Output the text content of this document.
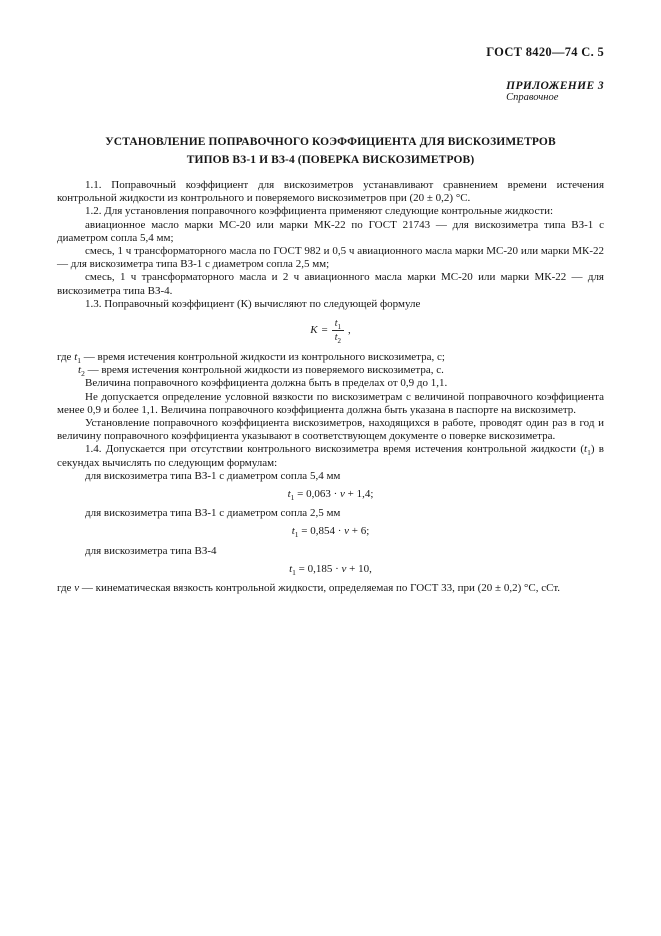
ГОСТ 8420—74 С. 5
ПРИЛОЖЕНИЕ 3
Справочное
УСТАНОВЛЕНИЕ ПОПРАВОЧНОГО КОЭФФИЦИЕНТА ДЛЯ ВИСКОЗИМЕТРОВ
ТИПОВ ВЗ-1 И ВЗ-4 (ПОВЕРКА ВИСКОЗИМЕТРОВ)

1.1. Поправочный коэффициент для вискозиметров устанавливают сравнением времени истечения контрольной жидкости из контрольного и поверяемого вискозиметров при (20 ± 0,2) °С.

1.2. Для установления поправочного коэффициента применяют следующие контрольные жидкости:

авиационное масло марки МС-20 или марки МК-22 по ГОСТ 21743 — для вискозиметра типа ВЗ-1 с диаметром сопла 5,4 мм;

смесь, 1 ч трансформаторного масла по ГОСТ 982 и 0,5 ч авиационного масла марки МС-20 или марки МК-22 — для вискозиметра типа ВЗ-1 с диаметром сопла 2,5 мм;

смесь, 1 ч трансформаторного масла и 2 ч авиационного масла марки МС-20 или марки МК-22 — для вискозиметра типа ВЗ-4.

1.3. Поправочный коэффициент (К) вычисляют по следующей формуле

$K = \frac{t_1}{t_2}$ ,

где $t_1$ — время истечения контрольной жидкости из контрольного вискозиметра, с;

$t_2$ — время истечения контрольной жидкости из поверяемого вискозиметра, с.

Величина поправочного коэффициента должна быть в пределах от 0,9 до 1,1.

Не допускается определение условной вязкости по вискозиметрам с величиной поправочного коэффициента менее 0,9 и более 1,1. Величина поправочного коэффициента должна быть указана в паспорте на вискозиметр.

Установление поправочного коэффициента вискозиметров, находящихся в работе, проводят один раз в год и величину поправочного коэффициента указывают в соответствующем документе о поверке вискозиметра.

1.4. Допускается при отсутствии контрольного вискозиметра время истечения контрольной жидкости $(t_1)$ в секундах вычислять по следующим формулам:

для вискозиметра типа ВЗ-1 с диаметром сопла 5,4 мм

$t_1 = 0,063 \cdot \nu + 1,4$;

для вискозиметра типа ВЗ-1 с диаметром сопла 2,5 мм

$t_1 = 0,854 \cdot \nu + 6$;

для вискозиметра типа ВЗ-4

$t_1 = 0,185 \cdot \nu + 10$,

где ν — кинематическая вязкость контрольной жидкости, определяемая по ГОСТ 33, при (20 ± 0,2) °С, сСт.
